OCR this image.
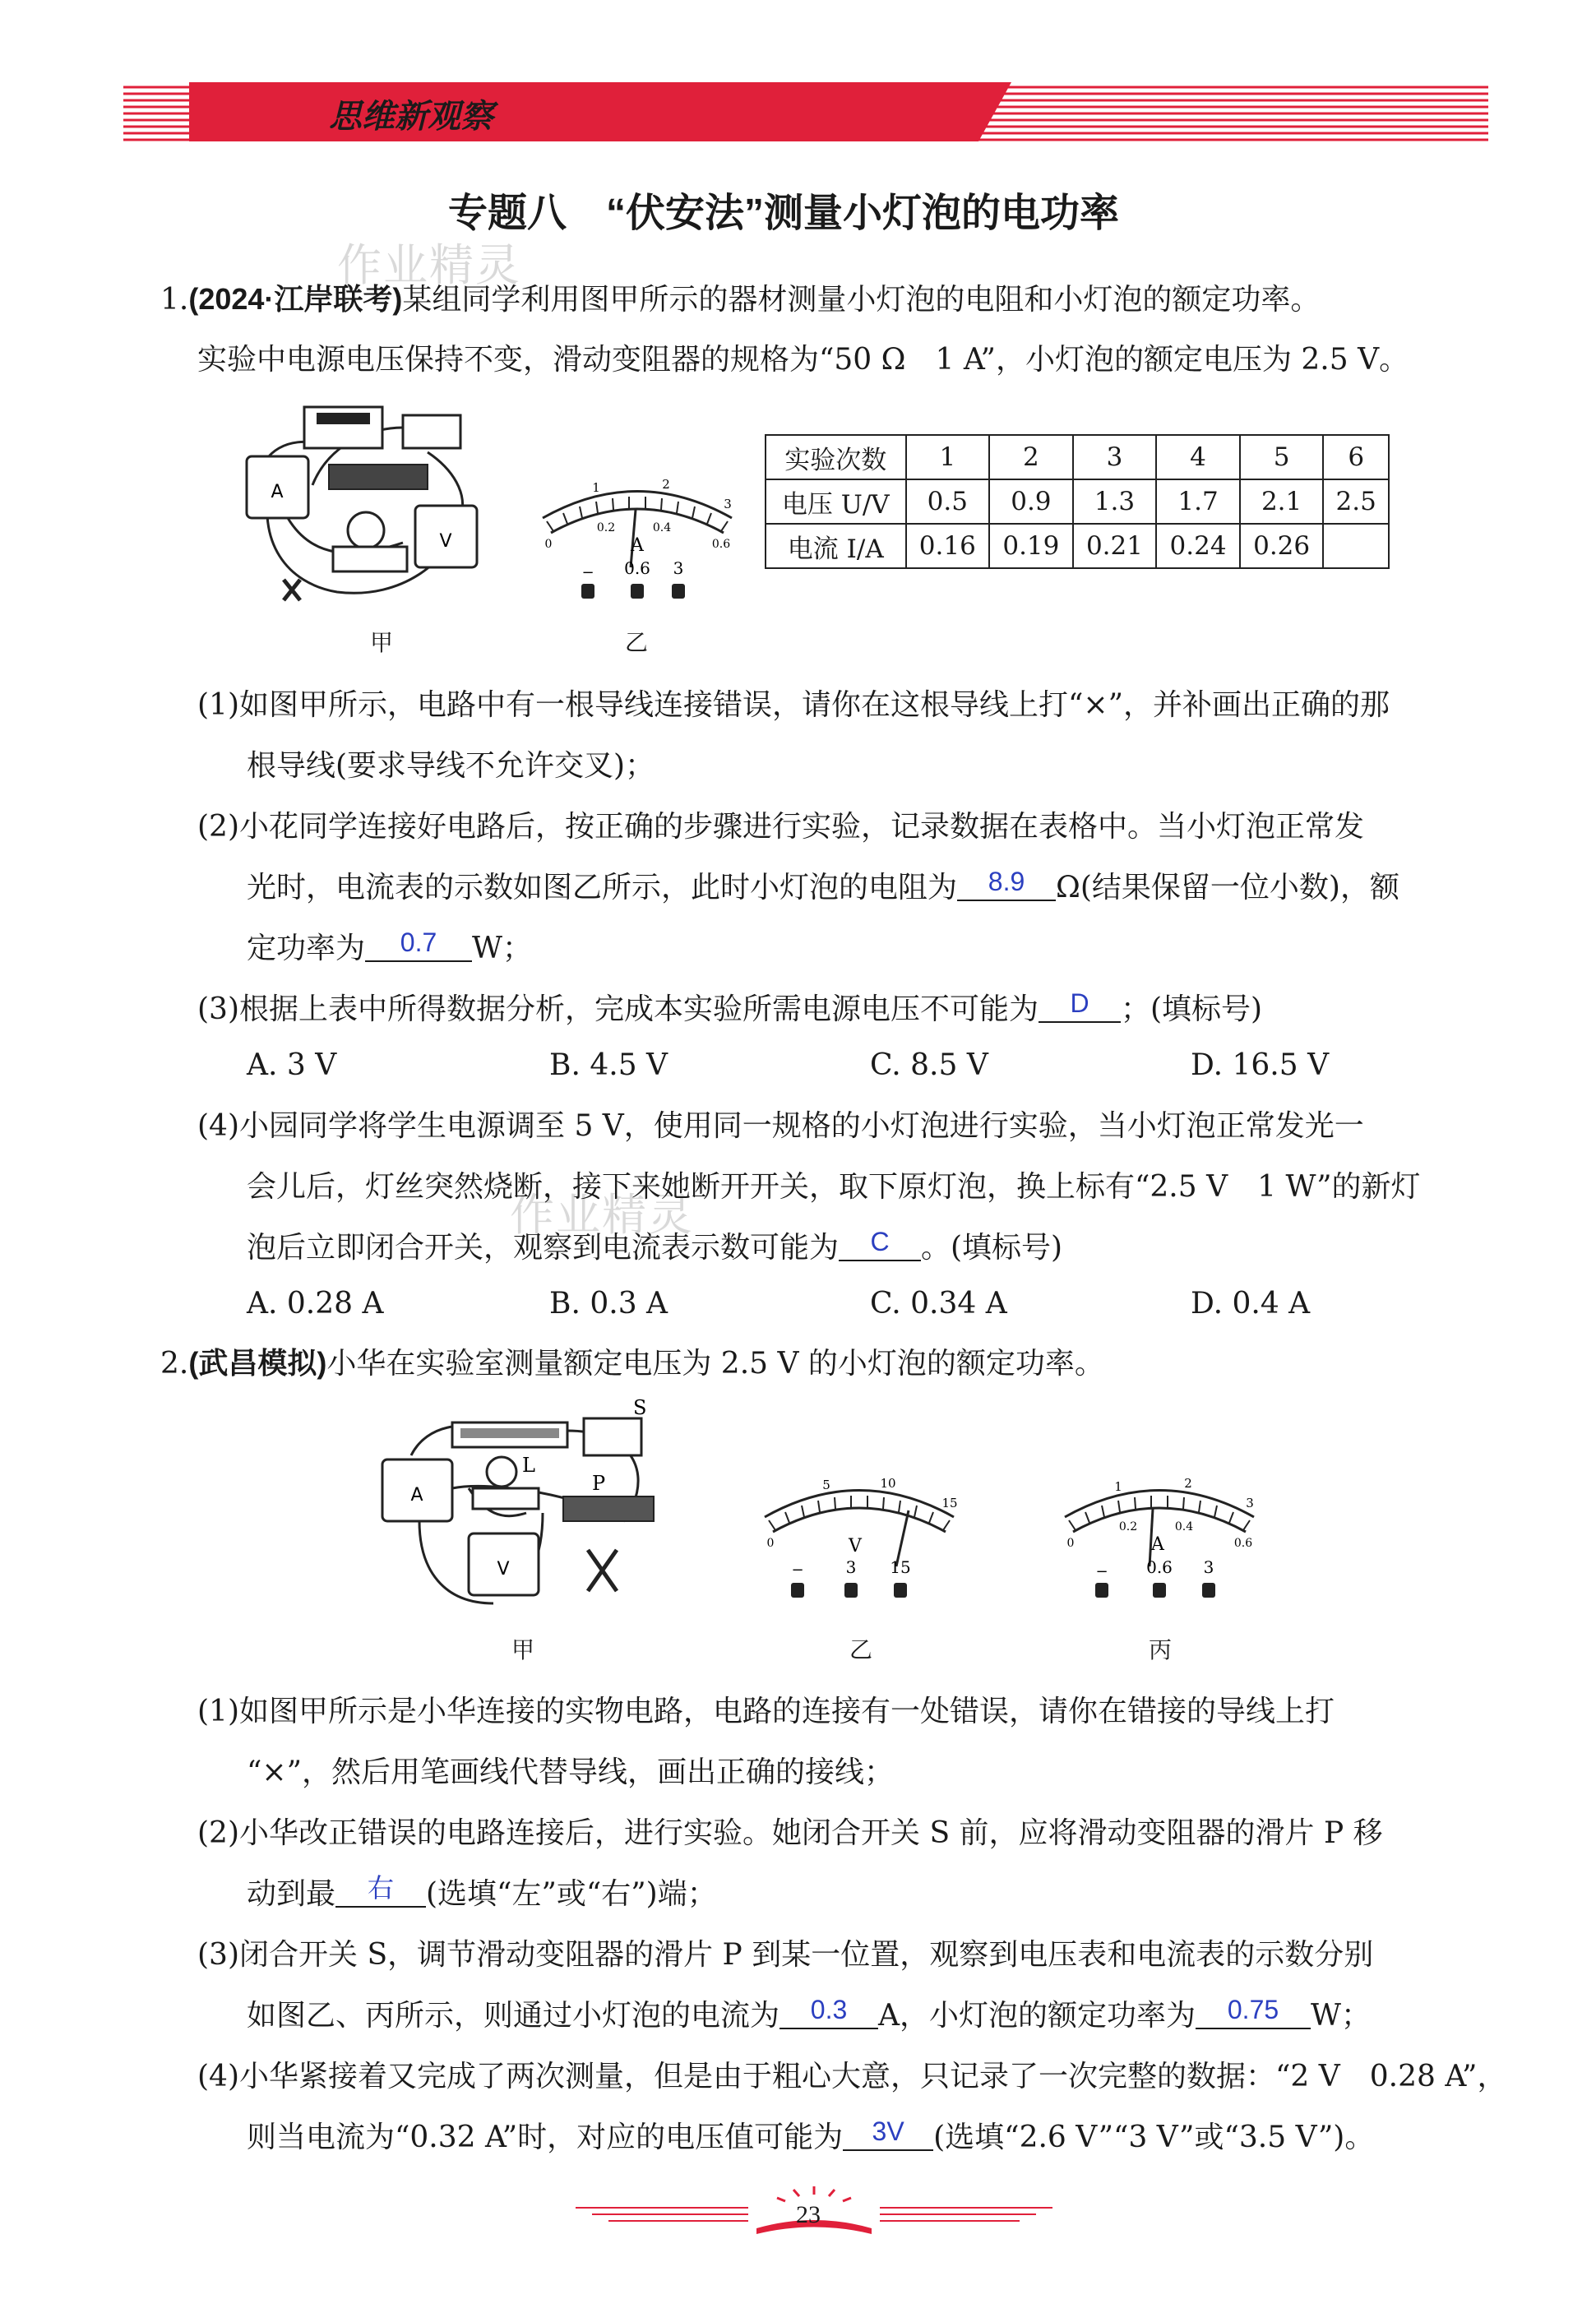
思维新观察
作业精灵
作业精灵
专题八　“伏安法”测量小灯泡的电功率
1.(2024·江岸联考)某组同学利用图甲所示的器材测量小灯泡的电阻和小灯泡的额定功率。
实验中电源电压保持不变，滑动变阻器的规格为“50 Ω　1 A”，小灯泡的额定电压为 2.5 V。
A
V
甲
1	2
3
0
0.2	0.4
0.6
A
− 0.6 3
乙
实验次数	1	2	3	4	5	6
电压 U/V	0.5	0.9	1.3	1.7	2.1	2.5
电流 I/A	0.16	0.19	0.21	0.24	0.26	
(1)如图甲所示，电路中有一根导线连接错误，请你在这根导线上打“×”，并补画出正确的那
根导线(要求导线不允许交叉)；
(2)小花同学连接好电路后，按正确的步骤进行实验，记录数据在表格中。当小灯泡正常发
光时，电流表的示数如图乙所示，此时小灯泡的电阻为 8.9 Ω(结果保留一位小数)，额
定功率为 0.7 W；
(3)根据上表中所得数据分析，完成本实验所需电源电压不可能为 D ；(填标号)
A. 3 V	B. 4.5 V	C. 8.5 V	D. 16.5 V
(4)小园同学将学生电源调至 5 V，使用同一规格的小灯泡进行实验，当小灯泡正常发光一
会儿后，灯丝突然烧断，接下来她断开开关，取下原灯泡，换上标有“2.5 V　1 W”的新灯
泡后立即闭合开关，观察到电流表示数可能为 C 。(填标号)
A. 0.28 A	B. 0.3 A	C. 0.34 A	D. 0.4 A
2.(武昌模拟)小华在实验室测量额定电压为 2.5 V 的小灯泡的额定功率。
S
A
L
P
V
甲
5	10
15
0	V
−	3 15
乙
1	2
3
0
0.2	0.4
0.6
A
− 0.6 3
丙
(1)如图甲所示是小华连接的实物电路，电路的连接有一处错误，请你在错接的导线上打
“×”，然后用笔画线代替导线，画出正确的接线；
(2)小华改正错误的电路连接后，进行实验。她闭合开关 S 前，应将滑动变阻器的滑片 P 移
动到最 右 (选填“左”或“右”)端；
(3)闭合开关 S，调节滑动变阻器的滑片 P 到某一位置，观察到电压表和电流表的示数分别
如图乙、丙所示，则通过小灯泡的电流为 0.3 A，小灯泡的额定功率为 0.75 W；
(4)小华紧接着又完成了两次测量，但是由于粗心大意，只记录了一次完整的数据：“2 V　0.28 A”，
则当电流为“0.32 A”时，对应的电压值可能为 3V (选填“2.6 V”“3 V”或“3.5 V”)。
23
